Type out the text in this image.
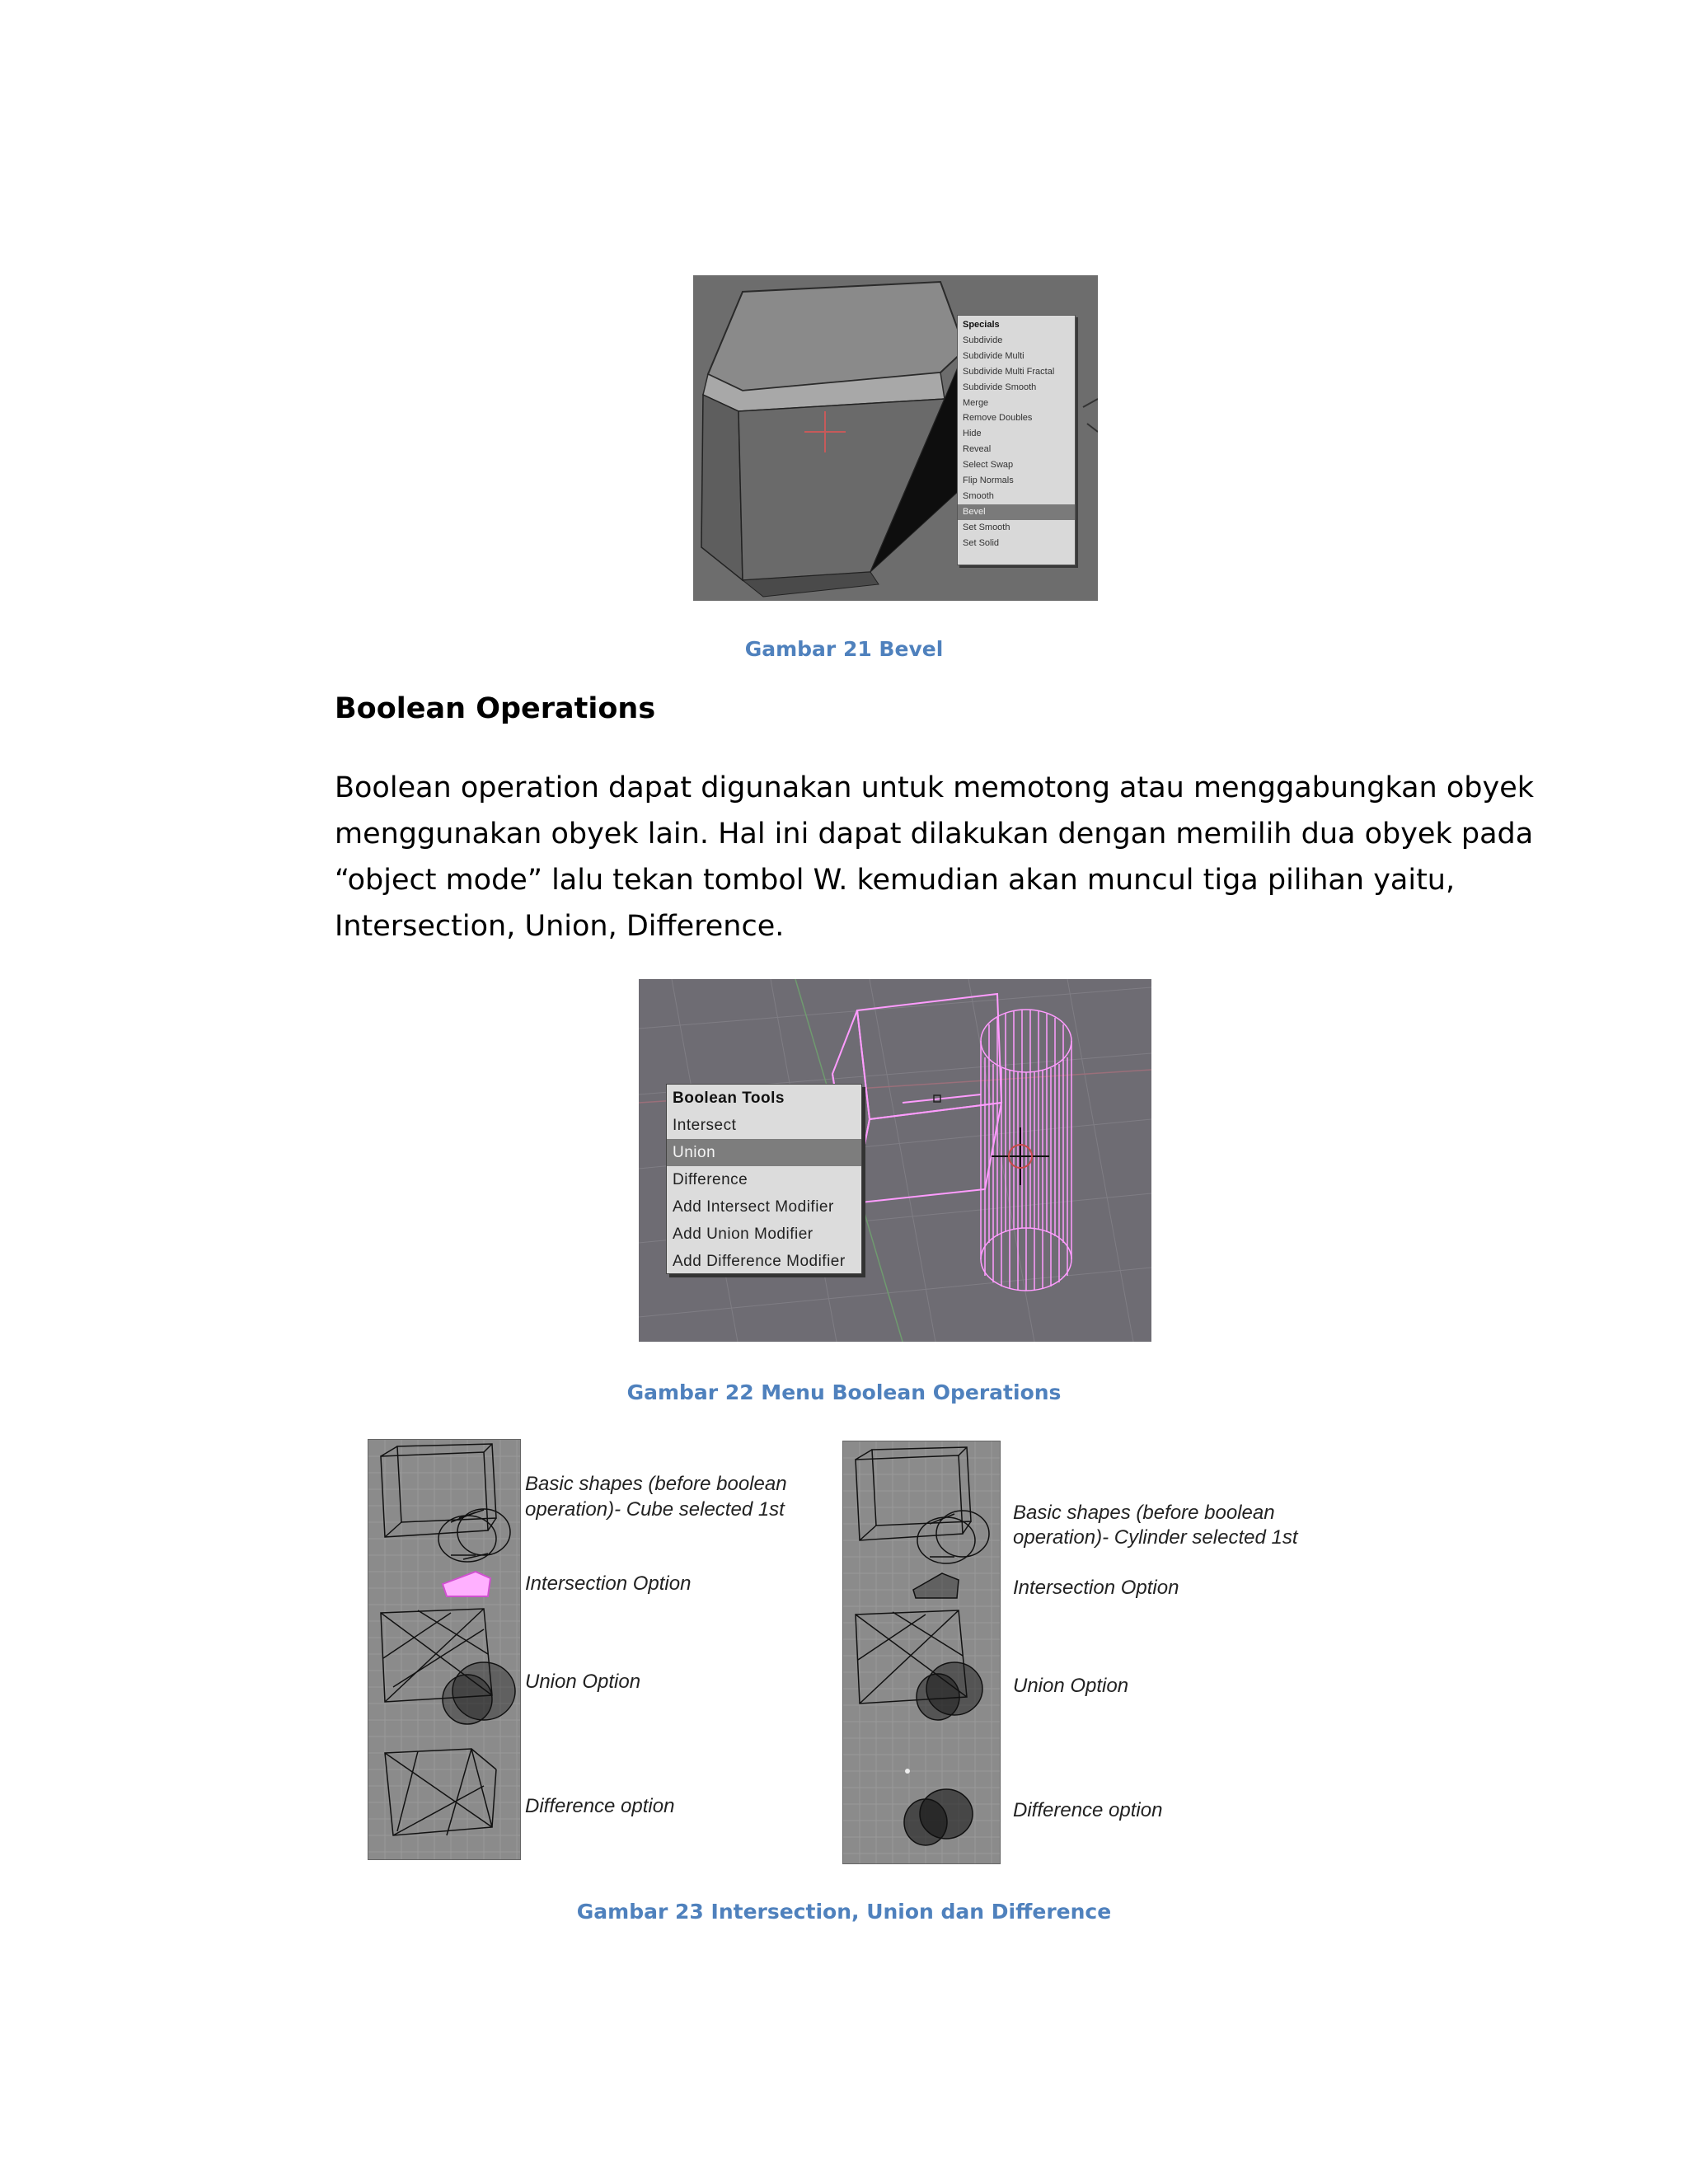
Specials
Subdivide
Subdivide Multi
Subdivide Multi Fractal
Subdivide Smooth
Merge
Remove Doubles
Hide
Reveal
Select Swap
Flip Normals
Smooth
Bevel
Set Smooth
Set Solid
Gambar 21 Bevel
Boolean Operations
Boolean operation dapat digunakan untuk memotong atau menggabungkan obyek
menggunakan obyek lain. Hal ini dapat dilakukan dengan memilih dua obyek pada
“object mode” lalu tekan tombol W. kemudian akan muncul tiga pilihan yaitu,
Intersection, Union, Difference.
Boolean Tools
Intersect
Union
Difference
Add Intersect Modifier
Add Union Modifier
Add Difference Modifier
Gambar 22 Menu Boolean Operations
Basic shapes (before boolean
operation)- Cube selected 1st
Intersection Option
Union Option
Difference option
Basic shapes (before boolean
operation)- Cylinder selected 1st
Intersection Option
Union Option
Difference option
Gambar 23 Intersection, Union dan Difference
